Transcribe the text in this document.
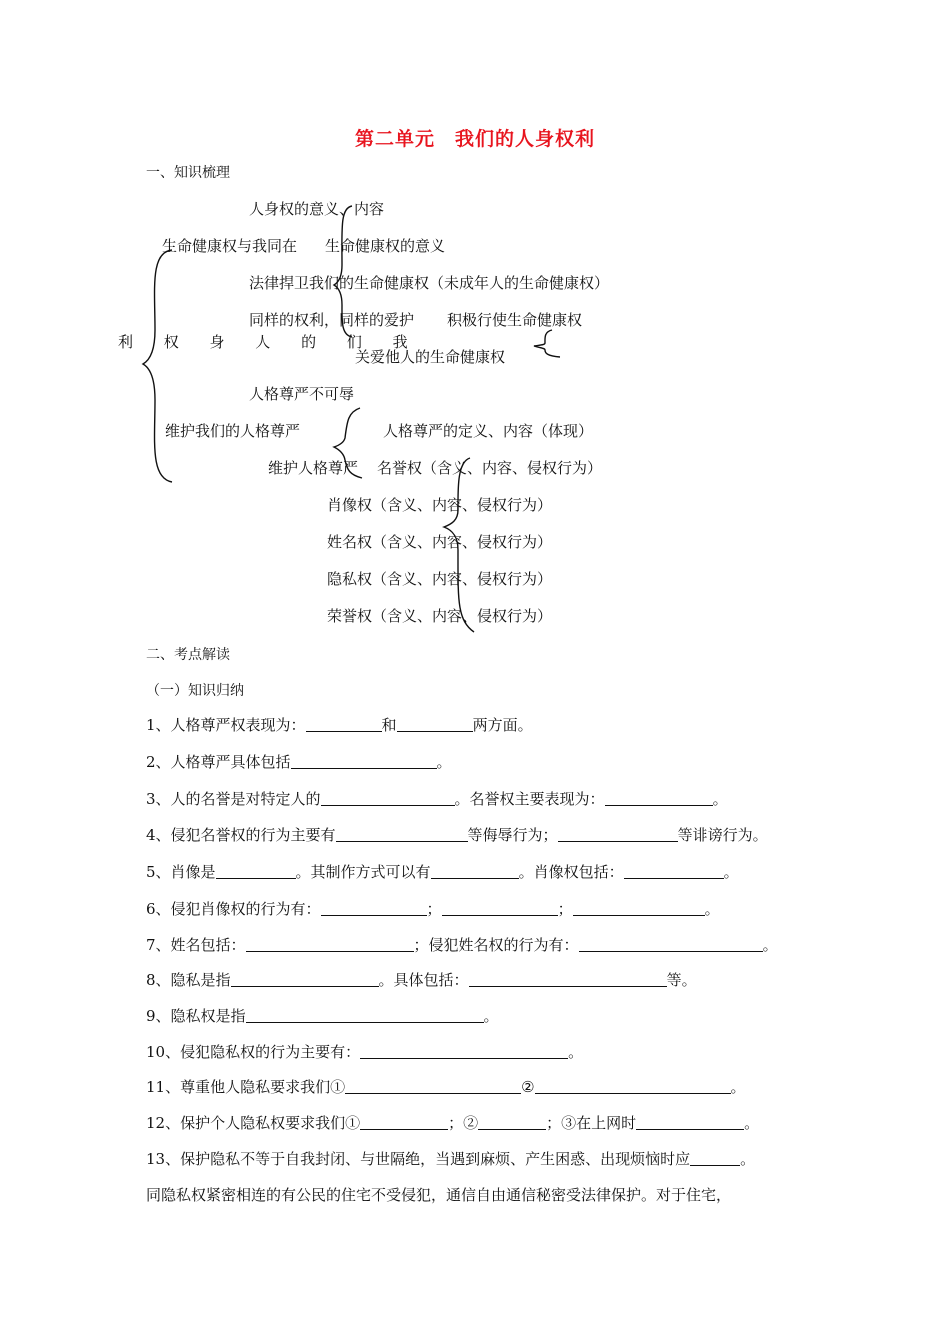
第二单元　我们的人身权利
一、知识梳理
利 权 身 人 的 们 我
人身权的意义、内容
生命健康权与我同在 生命健康权的意义
法律捍卫我们的生命健康权（未成年人的生命健康权）
同样的权利，同样的爱护 积极行使生命健康权
关爱他人的生命健康权
人格尊严不可辱
维护我们的人格尊严	人格尊严的定义、内容（体现）
维护人格尊严 名誉权（含义、内容、侵权行为）
肖像权（含义、内容、侵权行为）
姓名权（含义、内容、侵权行为）
隐私权（含义、内容、侵权行为）
荣誉权（含义、内容、侵权行为）
二、考点解读
（一）知识归纳
1、人格尊严权表现为：	和	两方面。
2、人格尊严具体包括	。
3、人的名誉是对特定人的	。名誉权主要表现为：	。
4、侵犯名誉权的行为主要有	等侮辱行为；	等诽谤行为。
5、肖像是	。其制作方式可以有	。肖像权包括：	。
6、侵犯肖像权的行为有：	；	；	。
7、姓名包括：	；侵犯姓名权的行为有：	。
8、隐私是指	。具体包括：	等。
9、隐私权是指	。
10、侵犯隐私权的行为主要有：	。
11、尊重他人隐私要求我们①	②	。
12、保护个人隐私权要求我们①	；②	；③在上网时	。
13、保护隐私不等于自我封闭、与世隔绝，当遇到麻烦、产生困惑、出现烦恼时应	。
同隐私权紧密相连的有公民的住宅不受侵犯，通信自由通信秘密受法律保护。对于住宅，
